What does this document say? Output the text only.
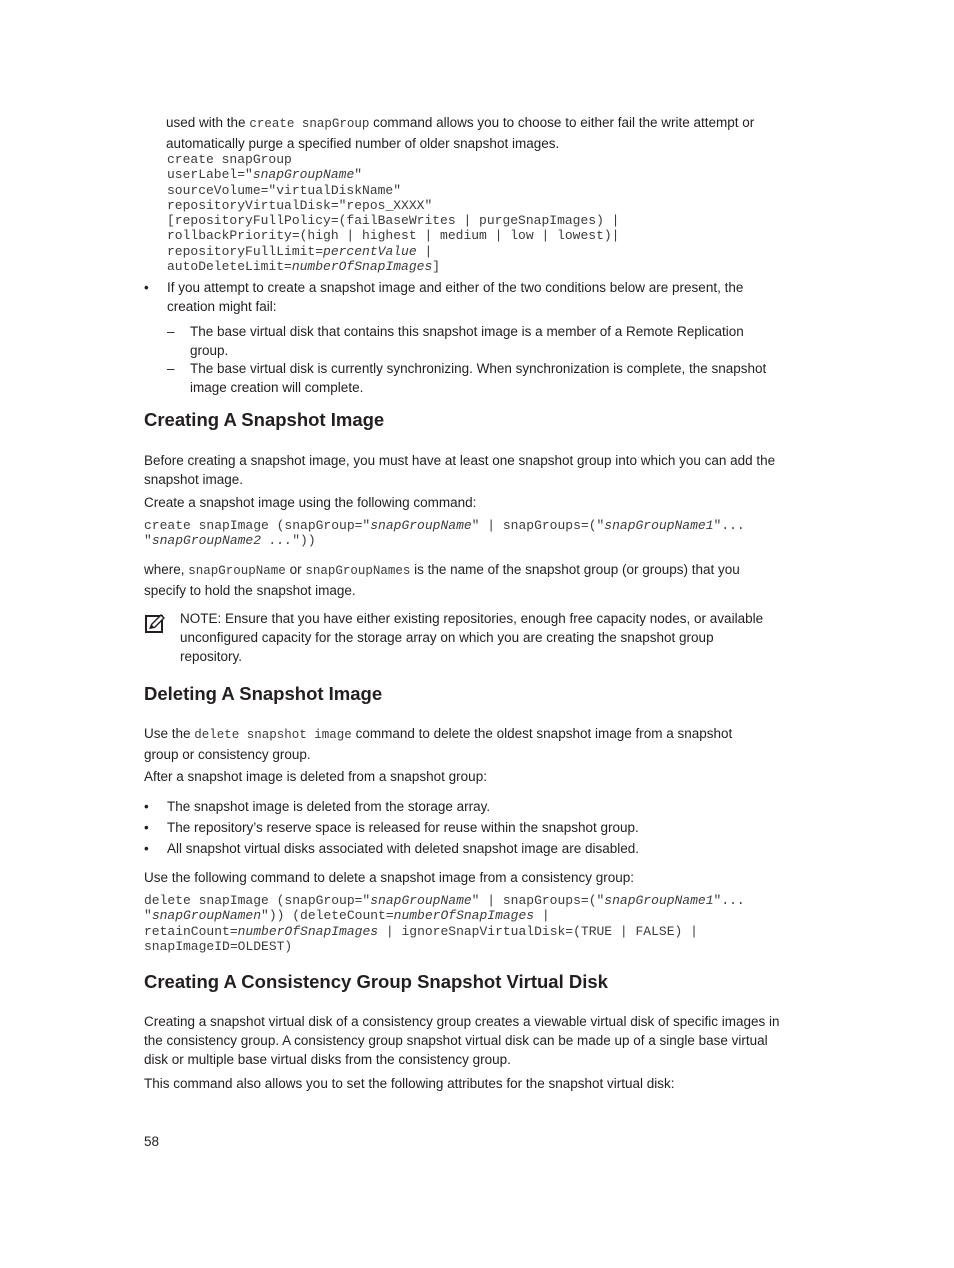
used with the create snapGroup command allows you to choose to either fail the write attempt or
automatically purge a specified number of older snapshot images.

create snapGroup
userLabel="snapGroupName"
sourceVolume="virtualDiskName"
repositoryVirtualDisk="repos_XXXX"
[repositoryFullPolicy=(failBaseWrites | purgeSnapImages) |
rollbackPriority=(high | highest | medium | low | lowest)|
repositoryFullLimit=percentValue |
autoDeleteLimit=numberOfSnapImages]
• If you attempt to create a snapshot image and either of the two conditions below are present, the
creation might fail:
– The base virtual disk that contains this snapshot image is a member of a Remote Replication
group.
– The base virtual disk is currently synchronizing. When synchronization is complete, the snapshot
image creation will complete.
Creating A Snapshot Image

Before creating a snapshot image, you must have at least one snapshot group into which you can add the
snapshot image.

Create a snapshot image using the following command:

create snapImage (snapGroup="snapGroupName" | snapGroups=("snapGroupName1"...
"snapGroupName2 ..."))

where, snapGroupName or snapGroupNames is the name of the snapshot group (or groups) that you
specify to hold the snapshot image.

NOTE: Ensure that you have either existing repositories, enough free capacity nodes, or available
unconfigured capacity for the storage array on which you are creating the snapshot group
repository.

Deleting A Snapshot Image

Use the delete snapshot image command to delete the oldest snapshot image from a snapshot
group or consistency group.

After a snapshot image is deleted from a snapshot group:

• The snapshot image is deleted from the storage array.
• The repository’s reserve space is released for reuse within the snapshot group.
• All snapshot virtual disks associated with deleted snapshot image are disabled.

Use the following command to delete a snapshot image from a consistency group:

delete snapImage (snapGroup="snapGroupName" | snapGroups=("snapGroupName1"...
"snapGroupNamen")) (deleteCount=numberOfSnapImages |
retainCount=numberOfSnapImages | ignoreSnapVirtualDisk=(TRUE | FALSE) |
snapImageID=OLDEST)
Creating A Consistency Group Snapshot Virtual Disk

Creating a snapshot virtual disk of a consistency group creates a viewable virtual disk of specific images in
the consistency group. A consistency group snapshot virtual disk can be made up of a single base virtual
disk or multiple base virtual disks from the consistency group.

This command also allows you to set the following attributes for the snapshot virtual disk:

58
